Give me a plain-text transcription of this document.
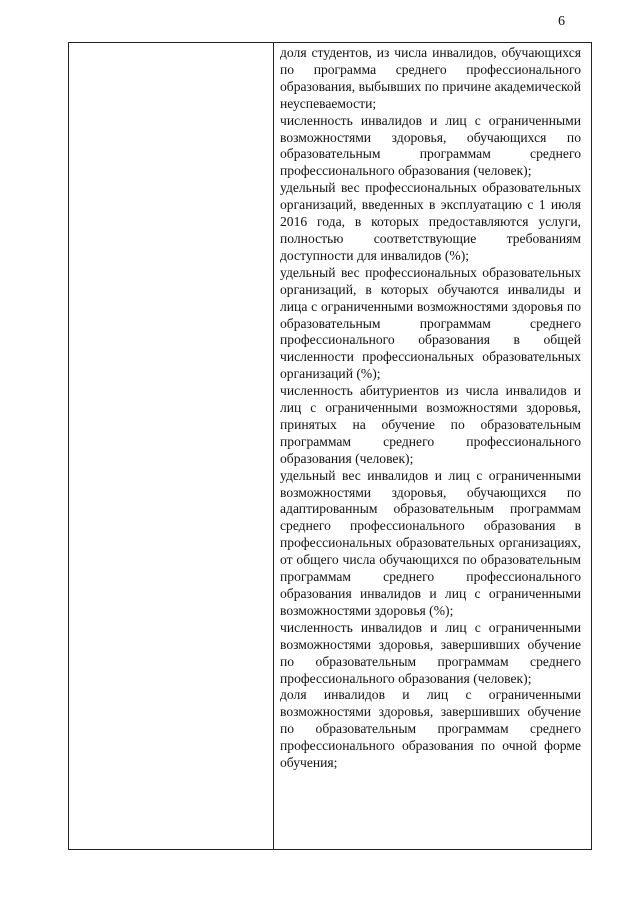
6

доля студентов, из числа инвалидов, обучающихся по программа среднего профессионального образования, выбывших по причине академической неуспеваемости;

численность инвалидов и лиц с ограниченными возможностями здоровья, обучающихся по образовательным программам среднего профессионального образования (человек);

удельный вес профессиональных образовательных организаций, введенных в эксплуатацию с 1 июля 2016 года, в которых предоставляются услуги, полностью соответствующие требованиям доступности для инвалидов (%);

удельный вес профессиональных образовательных организаций, в которых обучаются инвалиды и лица с ограниченными возможностями здоровья по образовательным программам среднего профессионального образования в общей численности профессиональных образовательных организаций (%);

численность абитуриентов из числа инвалидов и лиц с ограниченными возможностями здоровья, принятых на обучение по образовательным программам среднего профессионального образования (человек);

удельный вес инвалидов и лиц с ограниченными возможностями здоровья, обучающихся по адаптированным образовательным программам среднего профессионального образования в профессиональных образовательных организациях, от общего числа обучающихся по образовательным программам среднего профессионального образования инвалидов и лиц с ограниченными возможностями здоровья (%);

численность инвалидов и лиц с ограниченными возможностями здоровья, завершивших обучение по образовательным программам среднего профессионального образования (человек);

доля инвалидов и лиц с ограниченными возможностями здоровья, завершивших обучение по образовательным программам среднего профессионального образования по очной форме обучения;
